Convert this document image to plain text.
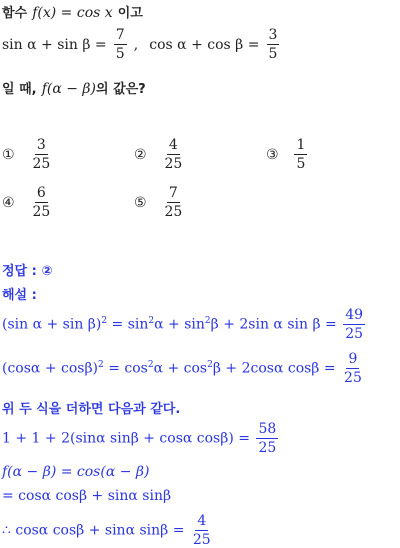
함수 f(x) = cos x 이고
$\sin \alpha + \sin \beta = \frac{7}{5}$ , $\cos \alpha + \cos \beta = \frac{3}{5}$
일 때, f(α − β)의 값은?
① $\frac{3}{25}$	② $\frac{4}{25}$	③ $\frac{1}{5}$
④ $\frac{6}{25}$	⑤ $\frac{7}{25}$
정답 : ②
해설 :
(sin $\alpha + \sin \beta)^2 = \sin^2\alpha + \sin^2\beta + 2\sin$ α $\sin \beta = \frac{49}{25}$
$(\cos\alpha + \cos\beta)^2 = \cos^2\alpha + \cos^2\beta + 2\cos\alpha$ $\cos\beta = \frac{9}{25}$
위 두 식을 더하면 다음과 같다.
1 + 1 + 2(sinα sinβ + cosα $\cos\beta) = \frac{58}{25}$
f(α − β) = cos(α − β)
= cosα cosβ + sinα sinβ
∴ cosα cosβ + sinα $\sin\beta = \frac{4}{25}$
